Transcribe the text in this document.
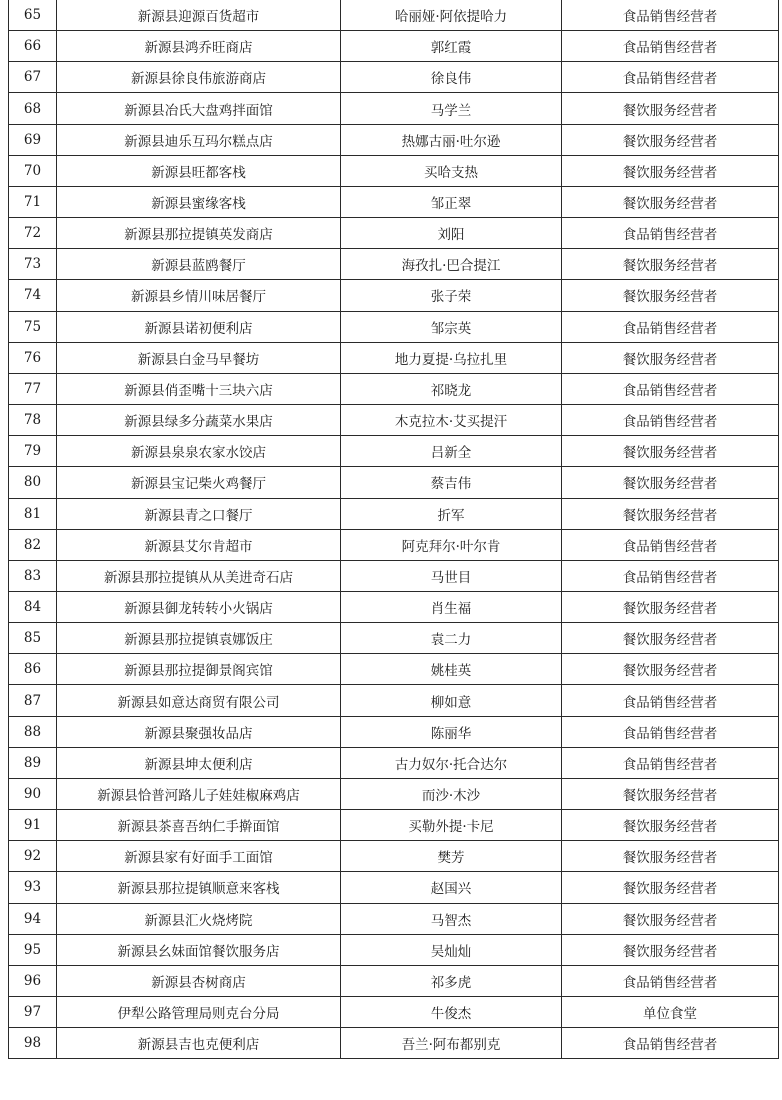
65	新源县迎源百货超市	哈丽娅·阿依提哈力	食品销售经营者
66	新源县鸿乔旺商店	郭红霞	食品销售经营者
67	新源县徐良伟旅游商店	徐良伟	食品销售经营者
68	新源县冶氏大盘鸡拌面馆	马学兰	餐饮服务经营者
69	新源县迪乐互玛尔糕点店	热娜古丽·吐尔逊	餐饮服务经营者
70	新源县旺都客栈	买哈支热	餐饮服务经营者
71	新源县蜜缘客栈	邹正翠	餐饮服务经营者
72	新源县那拉提镇英发商店	刘阳	食品销售经营者
73	新源县蓝鸥餐厅	海孜扎·巴合提江	餐饮服务经营者
74	新源县乡情川味居餐厅	张子荣	餐饮服务经营者
75	新源县诺初便利店	邹宗英	食品销售经营者
76	新源县白金马早餐坊	地力夏提·乌拉扎里	餐饮服务经营者
77	新源县俏歪嘴十三块六店	祁晓龙	食品销售经营者
78	新源县绿多分蔬菜水果店	木克拉木·艾买提汗	食品销售经营者
79	新源县泉泉农家水饺店	吕新全	餐饮服务经营者
80	新源县宝记柴火鸡餐厅	蔡吉伟	餐饮服务经营者
81	新源县青之口餐厅	折军	餐饮服务经营者
82	新源县艾尔肯超市	阿克拜尔·叶尔肯	食品销售经营者
83	新源县那拉提镇从从美进奇石店	马世目	食品销售经营者
84	新源县御龙转转小火锅店	肖生福	餐饮服务经营者
85	新源县那拉提镇袁娜饭庄	袁二力	餐饮服务经营者
86	新源县那拉提御景阁宾馆	姚桂英	餐饮服务经营者
87	新源县如意达商贸有限公司	柳如意	食品销售经营者
88	新源县聚强妆品店	陈丽华	食品销售经营者
89	新源县坤太便利店	古力奴尔·托合达尔	食品销售经营者
90	新源县恰普河路儿子娃娃椒麻鸡店	而沙·木沙	餐饮服务经营者
91	新源县茶喜吾纳仁手擀面馆	买勒外提·卡尼	餐饮服务经营者
92	新源县家有好面手工面馆	樊芳	餐饮服务经营者
93	新源县那拉提镇顺意来客栈	赵国兴	餐饮服务经营者
94	新源县汇火烧烤院	马智杰	餐饮服务经营者
95	新源县幺妹面馆餐饮服务店	吴灿灿	餐饮服务经营者
96	新源县杏树商店	祁多虎	食品销售经营者
97	伊犁公路管理局则克台分局	牛俊杰	单位食堂
98	新源县吉也克便利店	吾兰·阿布都别克	食品销售经营者
